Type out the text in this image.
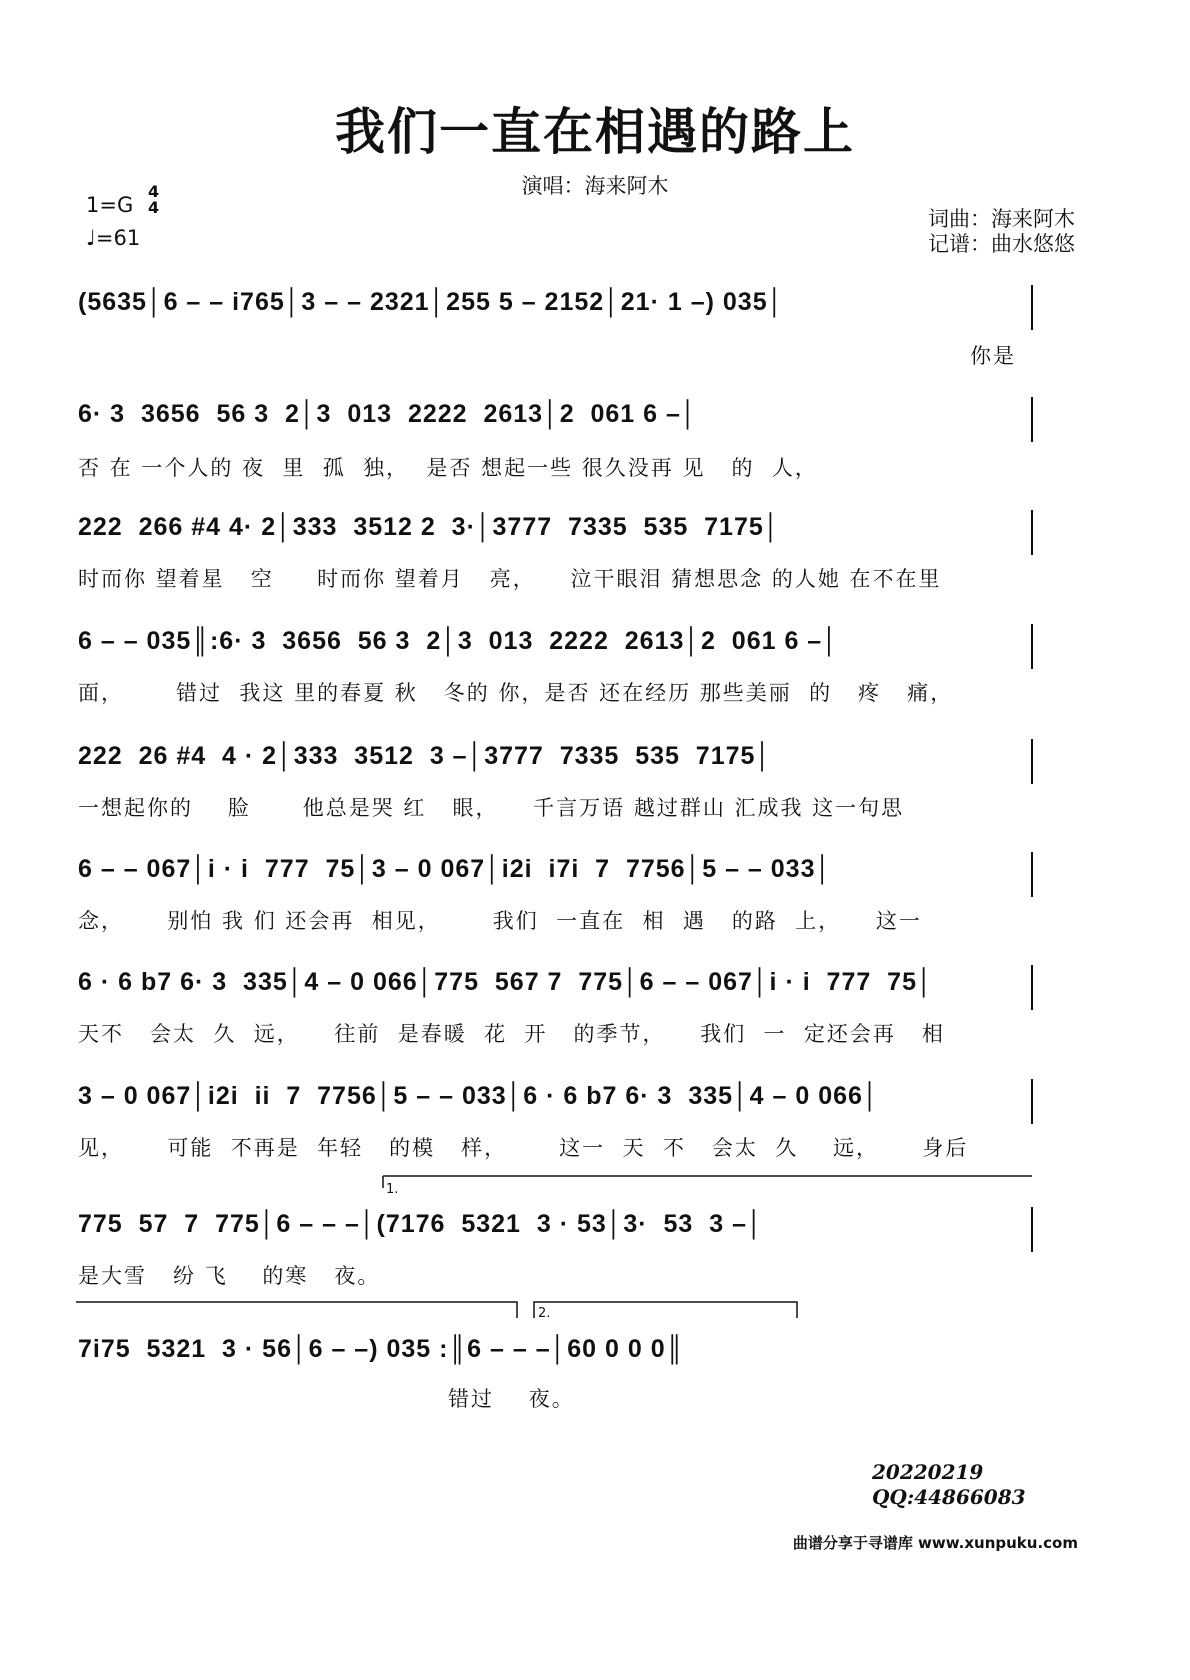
我们一直在相遇的路上
演唱：海来阿木
1=G
4
4
♩=61
词曲：海来阿木
记谱：曲水悠悠
(5635│6 – – i765│3 – – 2321│255 5 – 2152│21· 1 –) 035│
你是
6· 3  3656  56 3  2│3  013  2222  2613│2  061 6 –│
否 在 一个人的 夜  里  孤  独，  是否 想起一些 很久没再 见   的  人，
222  266 #4 4· 2│333  3512 2  3·│3777  7335  535  7175│
时而你 望着星   空     时而你 望着月   亮，    泣干眼泪 猜想思念 的人她 在不在里
6 – – 035║:6· 3  3656  56 3  2│3  013  2222  2613│2  061 6 –│
面，      错过  我这 里的春夏 秋   冬的 你，是否 还在经历 那些美丽  的   疼   痛，
222  26 #4  4 · 2│333  3512  3 –│3777  7335  535  7175│
一想起你的    脸      他总是哭 红   眼，    千言万语 越过群山 汇成我 这一句思
6 – – 067│i · i  777  75│3 – 0 067│i2i  i7i  7  7756│5 – – 033│
念，     别怕 我 们 还会再  相见，      我们  一直在  相  遇   的路  上，    这一
6 · 6 b7 6· 3  335│4 – 0 066│775  567 7  775│6 – – 067│i · i  777  75│
天不   会太  久  远，    往前  是春暖  花  开   的季节，    我们  一  定还会再   相
3 – 0 067│i2i  ii  7  7756│5 – – 033│6 · 6 b7 6· 3  335│4 – 0 066│
见，     可能  不再是  年轻   的模   样，      这一  天  不   会太  久    远，     身后
1.
775  57  7  775│6 – – –│(7176  5321  3 · 53│3·  53  3 –│
是大雪   纷 飞    的寒   夜。
2.
7i75  5321  3 · 56│6 – –) 035 :║6 – – –│60 0 0 0║
错过    夜。
20220219
QQ:44866083
曲谱分享于寻谱库 www.xunpuku.com
